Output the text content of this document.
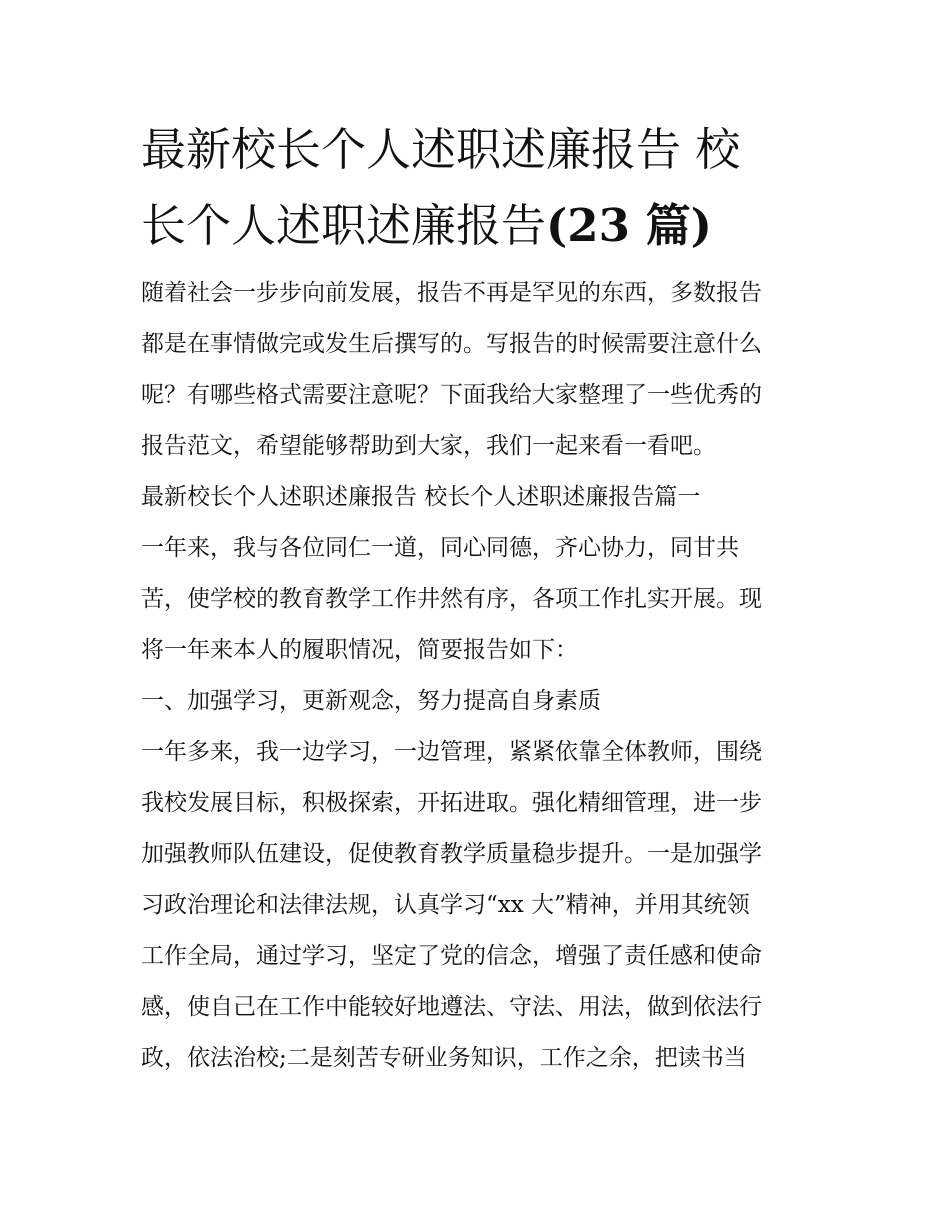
最新校长个人述职述廉报告 校
长个人述职述廉报告(23 篇)
随着社会一步步向前发展，报告不再是罕见的东西，多数报告
都是在事情做完或发生后撰写的。写报告的时候需要注意什么
呢？有哪些格式需要注意呢？下面我给大家整理了一些优秀的
报告范文，希望能够帮助到大家，我们一起来看一看吧。
最新校长个人述职述廉报告 校长个人述职述廉报告篇一
一年来，我与各位同仁一道，同心同德，齐心协力，同甘共
苦，使学校的教育教学工作井然有序，各项工作扎实开展。现
将一年来本人的履职情况，简要报告如下：
一、加强学习，更新观念，努力提高自身素质
一年多来，我一边学习，一边管理，紧紧依靠全体教师，围绕
我校发展目标，积极探索，开拓进取。强化精细管理，进一步
加强教师队伍建设，促使教育教学质量稳步提升。一是加强学
习政治理论和法律法规，认真学习“xx 大”精神，并用其统领
工作全局，通过学习，坚定了党的信念，增强了责任感和使命
感，使自己在工作中能较好地遵法、守法、用法，做到依法行
政，依法治校;二是刻苦专研业务知识，工作之余，把读书当
